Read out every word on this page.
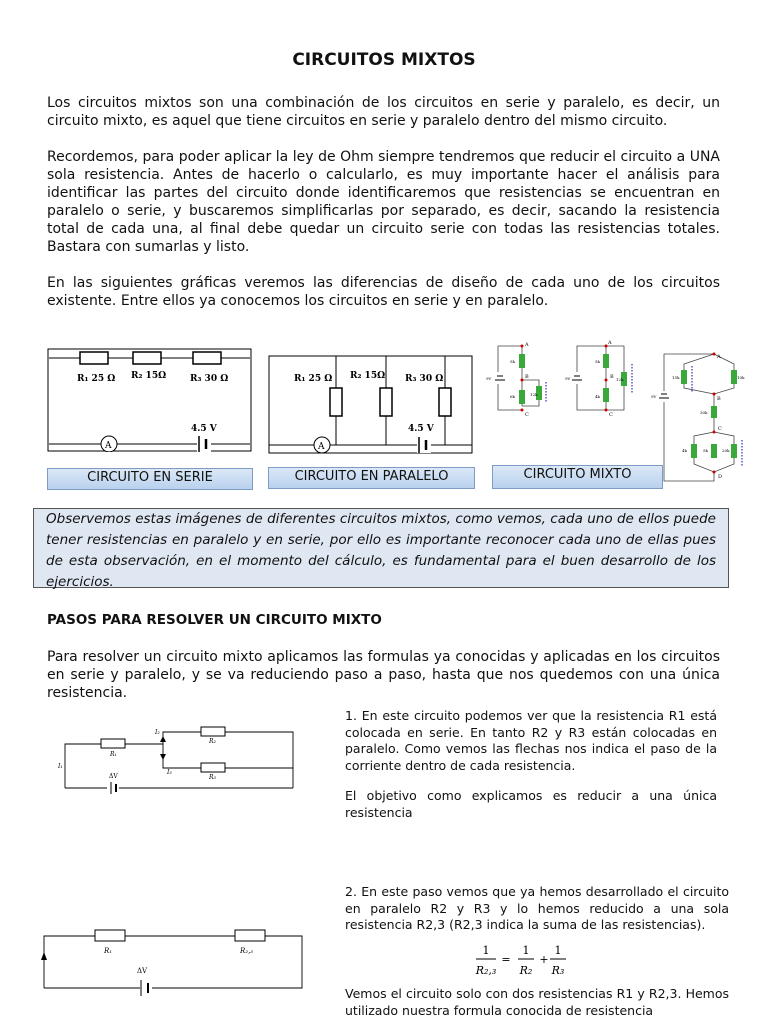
CIRCUITOS MIXTOS
Los circuitos mixtos son una combinación de los circuitos en serie y paralelo, es decir, un circuito mixto, es aquel que tiene circuitos en serie y paralelo dentro del mismo circuito.
Recordemos, para poder aplicar la ley de Ohm siempre tendremos que reducir el circuito a UNA sola resistencia. Antes de hacerlo o calcularlo, es muy importante hacer el análisis para identificar las partes del circuito donde identificaremos que resistencias se encuentran en paralelo o serie, y buscaremos simplificarlas por separado, es decir, sacando la resistencia total de cada una, al final debe quedar un circuito serie con todas las resistencias totales. Bastara con sumarlas y listo.
En las siguientes gráficas veremos las diferencias de diseño de cada uno de los circuitos existente. Entre ellos ya conocemos los circuitos en serie y en paralelo.
R₁ 25 Ω R₂ 15Ω	R₃ 30 Ω
A
4.5 V
CIRCUITO EN SERIE
R₁ 25 Ω R₂ 15Ω R₃ 30 Ω
A
4.5 V
CIRCUITO EN PARALELO
A
B
C
5k
6k	12k
9V
A
B
C
5k
4k
12k
9V
A
B
C
D
15k	10k
30k
4k	5k	20k
9V
CIRCUITO MIXTO
Observemos estas imágenes de diferentes circuitos mixtos, como vemos, cada uno de ellos puede tener resistencias en paralelo y en serie, por ello es importante reconocer cada uno de ellas pues de esta observación, en el momento del cálculo, es fundamental para el buen desarrollo de los ejercicios.
PASOS PARA RESOLVER UN CIRCUITO MIXTO
Para resolver un circuito mixto aplicamos las formulas ya conocidas y aplicadas en los circuitos en serie y paralelo, y se va reduciendo paso a paso, hasta que nos quedemos con una única resistencia.
R₁
R₂
R₃
I₂
I₃
I₁
ΔV
1. En este circuito podemos ver que la resistencia R1 está colocada en serie. En tanto R2 y R3 están colocadas en paralelo. Como vemos las flechas nos indica el paso de la corriente dentro de cada resistencia.
El objetivo como explicamos es reducir a una única resistencia
R₁	R₂,₃
ΔV
2. En este paso vemos que ya hemos desarrollado el circuito en paralelo R2 y R3 y lo hemos reducido a una sola resistencia R2,3 (R2,3 indica la suma de las resistencias).
1
R₂,₃
=
1
R₂
+
1
R₃
Vemos el circuito solo con dos resistencias R1 y R2,3. Hemos utilizado nuestra formula conocida de resistencia
